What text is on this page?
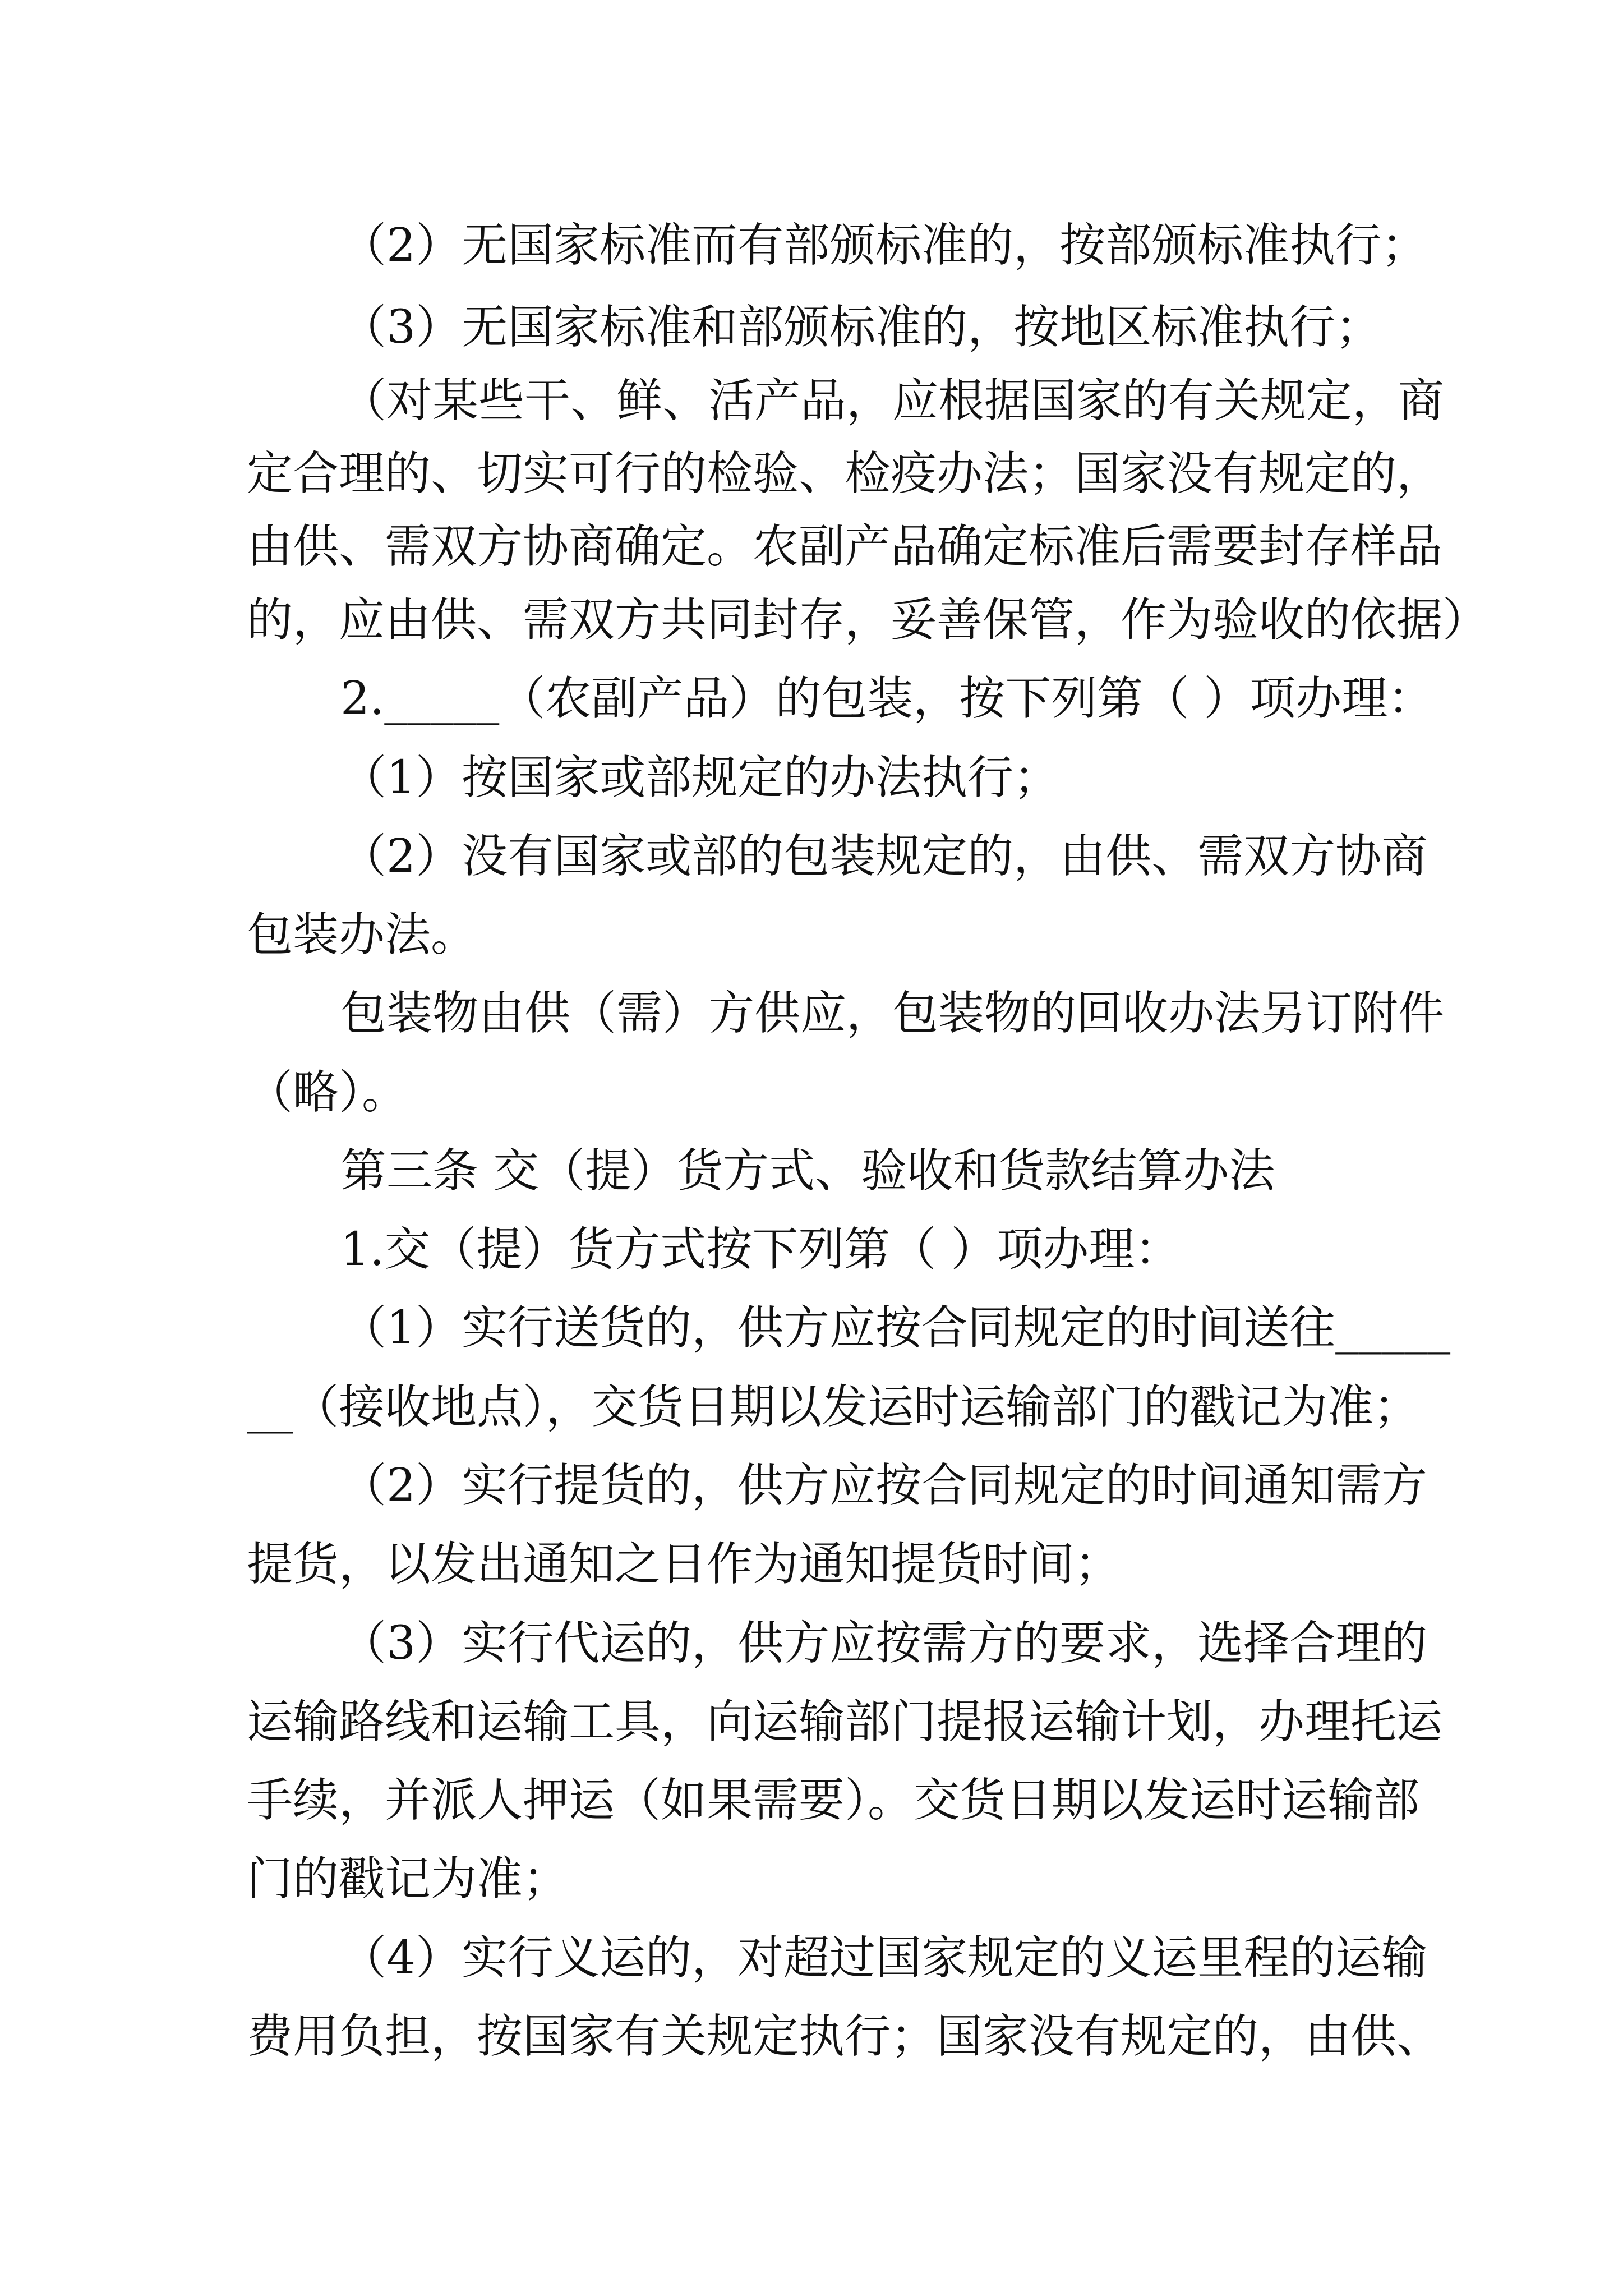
（2）无国家标准而有部颁标准的，按部颁标准执行；
（3）无国家标准和部颁标准的，按地区标准执行；
（对某些干、鲜、活产品，应根据国家的有关规定，商
定合理的、切实可行的检验、检疫办法；国家没有规定的，
由供、需双方协商确定。农副产品确定标准后需要封存样品
的，应由供、需双方共同封存，妥善保管，作为验收的依据）
2._____（农副产品）的包装，按下列第（ ）项办理：
（1）按国家或部规定的办法执行；
（2）没有国家或部的包装规定的，由供、需双方协商
包装办法。
包装物由供（需）方供应，包装物的回收办法另订附件
（略）。
第三条 交（提）货方式、验收和货款结算办法
1.交（提）货方式按下列第（ ）项办理：
（1）实行送货的，供方应按合同规定的时间送往_____
__（接收地点），交货日期以发运时运输部门的戳记为准；
（2）实行提货的，供方应按合同规定的时间通知需方
提货，以发出通知之日作为通知提货时间；
（3）实行代运的，供方应按需方的要求，选择合理的
运输路线和运输工具，向运输部门提报运输计划，办理托运
手续，并派人押运（如果需要）。交货日期以发运时运输部
门的戳记为准；
（4）实行义运的，对超过国家规定的义运里程的运输
费用负担，按国家有关规定执行；国家没有规定的，由供、
